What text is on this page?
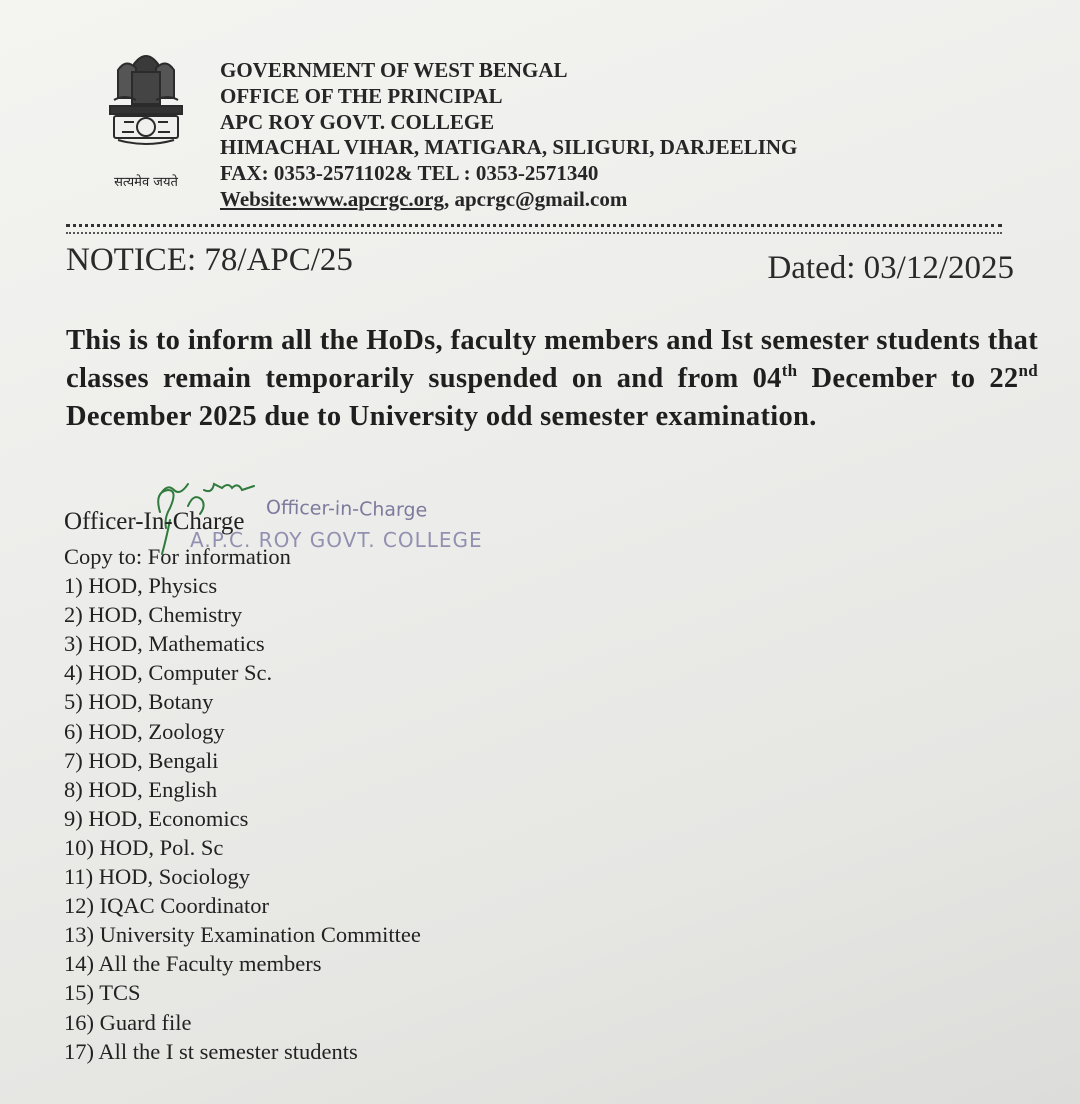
सत्यमेव जयते
GOVERNMENT OF WEST BENGAL
OFFICE OF THE PRINCIPAL
APC ROY GOVT. COLLEGE
HIMACHAL VIHAR, MATIGARA, SILIGURI, DARJEELING
FAX: 0353-2571102& TEL : 0353-2571340
Website:www.apcrgc.org, apcrgc@gmail.com
NOTICE: 78/APC/25	Dated: 03/12/2025
This is to inform all the HoDs, faculty members and Ist semester students that classes remain temporarily suspended on and from 04th December to 22nd December 2025 due to University odd semester examination.
Officer-in-Charge
A.P.C. ROY GOVT. COLLEGE
Officer-In-Charge
Copy to: For information
1) HOD, Physics
2) HOD, Chemistry
3) HOD, Mathematics
4) HOD, Computer Sc.
5) HOD, Botany
6) HOD, Zoology
7) HOD, Bengali
8) HOD, English
9) HOD, Economics
10) HOD, Pol. Sc
11) HOD, Sociology
12) IQAC Coordinator
13) University Examination Committee
14) All the Faculty members
15) TCS
16) Guard file
17) All the I st semester students
